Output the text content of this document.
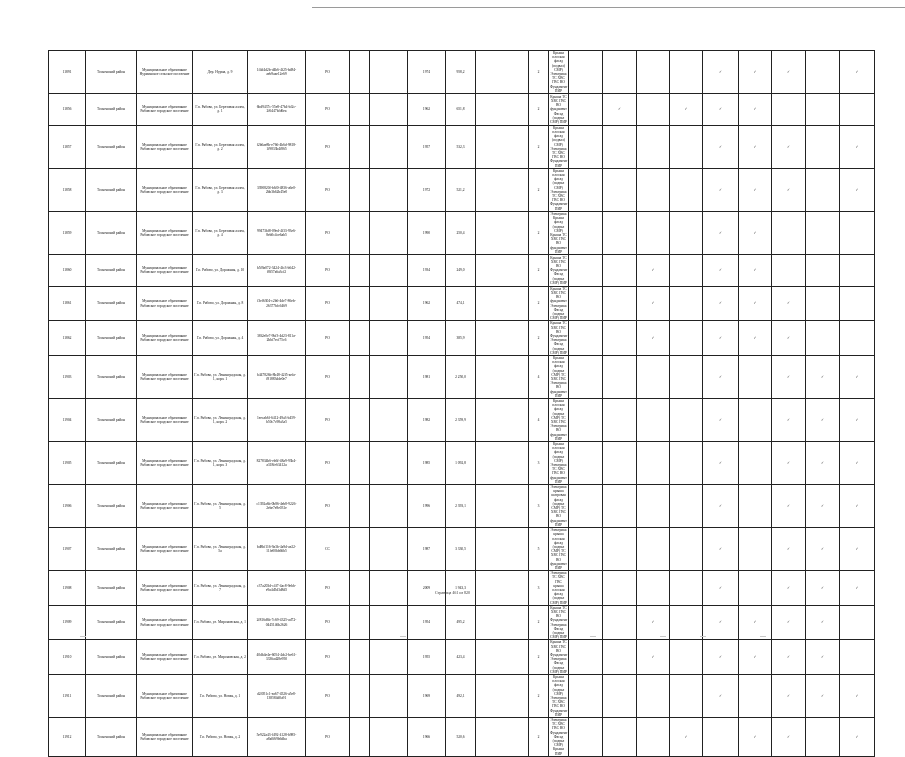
11891	Тосненский район	Муниципальное образование Нурминское сельское поселение	Дер. Нурма, д. 9	1f4d4d2b-d4b6-4f25-bd84-aeb9aae12e69	РО			1974	958,2		2	Крыша плоская фасад (подвал) СМР) Электрика ТС ХВС ГВС ВО Фундамент ПИР					✓	✓	✓		✓
11856	Тосненский район	Муниципальное образование Рябовское городское поселение	Г.п. Рябово, ул. Березовая аллея, д. 1	6bd9437c-55e8-47b4-bf2c-2f6447bfd6ea	РО			1962	651,8		2	Крыша ТС ХВС ГВС ВО фундамент Фасад (подвал СМР) ПИР		✓		✓	✓	✓			
11857	Тосненский район	Муниципальное образование Рябовское городское поселение	Г.п. Рябово, ул. Березовая аллея, д. 2	f2b6ae8b-e766-4b6d-9818-1f9833b4f865	РО			1957	532,3		2	Крыша плоская фасад (подвал) СМР) Электрика ТС ХВС ГВС ВО Фундамент ПИР					✓	✓	✓		✓
11858	Тосненский район	Муниципальное образование Рябовское городское поселение	Г.п. Рябово, ул. Березовая аллея, д. 3	3390820f-b6f0-4836-a6e0-2bb3b62b45e0	РО			1972	521,2		2	Крыша плоская фасад (подвал СМР) Электрика ТС ХВС ГВС ВО Фундамент ПИР					✓	✓	✓		✓
11859	Тосненский район	Муниципальное образование Рябовское городское поселение	Г.п. Рябово, ул. Березовая аллея, д. 4	99473bf8-09ed-4f33-93e6-8eb0c4ce6ab5	РО			1990	250,4		2	Электрика Крыша фасад (подвал СМР) Крыша ТС ХВС ГВС ВО фундамент ПИР					✓	✓			
11860	Тосненский район	Муниципальное образование Рябовское городское поселение	Г.п. Рябово, ул. Дорожная, д. 10	b5f9a072-3424-4fc3-b642-f8f57a6a3cf2	РО			1934	249,0		2	Крыша ТС ХВС ГВС ВО Фундамент Фасад (подвал СМР) ПИР			✓		✓	✓			
11861	Тосненский район	Муниципальное образование Рябовское городское поселение	Г.п. Рябово, ул. Дорожная, д. 8	f3ef6304-c2b6-4de7-86eb-26377bfc6469	РО			1962	474,1		2	Крыша ТС ХВС ГВС ВО фундамент Электрика Фасад (подвал СМР) ПИР			✓		✓	✓	✓		
11862	Тосненский район	Муниципальное образование Рябовское городское поселение	Г.п. Рябово, ул. Дорожная, д. 4	38f2e0e7-9bf3-4d23-811a-2bbf7ecf75c6	РО			1954	385,9		2	Крыша ТС ХВС ГВС ВО Фундамент Электрика Фасад (подвал СМР) ПИР			✓		✓	✓	✓		
11903	Тосненский район	Муниципальное образование Рябовское городское поселение	Г.п. Рябово, ул. Ленинградская, д. 1, корп. 1	b447826b-8b48-42f5-aefa-f81883dde0e7	РО			1981	2 250,0		4	Крыша плоская фасад (подвал СМР) ТС ХВС ГВС Электрика ВО фундамент ПИР					✓		✓	✓	✓
11904	Тосненский район	Муниципальное образование Рябовское городское поселение	Г.п. Рябово, ул. Ленинградская, д. 1, корп. 2	1eecab6f-6412-49a3-b459-b50c7c98a3a5	РО			1982	2 359,9		4	Крыша плоская фасад (подвал СМР) ТС ХВС ГВС Электрика ВО фундамент ПИР					✓		✓	✓	✓
11905	Тосненский район	Муниципальное образование Рябовское городское поселение	Г.п. Рябово, ул. Ленинградская, д. 1, корп. 3	827834b6-eb6f-48a9-93b4-a318fe63412a	РО			1985	1 092,8		3	Крыша плоская фасад (подвал СМР) Электрика ТС ХВС ГВС ВО фундамент ПИР					✓		✓	✓	✓
11906	Тосненский район	Муниципальное образование Рябовское городское поселение	Г.п. Рябово, ул. Ленинградская, д. 5	c1392a6b-0b86-4eb8-9226-2ebe7e8e031e	РО			1996	2 393,1		3	Электрика крыша шатровая фасад (подвал СМР) ТС ХВС ГВС ВО фундамент ПИР					✓		✓	✓	✓
11907	Тосненский район	Муниципальное образование Рябовское городское поселение	Г.п. Рябово, ул. Ленинградская, д. 5а	bd8bf116-9a3b-4a9d-ae22-11fe00bb66b5	СС			1987	3 330,5		5	Электрика крыша плоская фасад (подвал СМР) ТС ХВС ГВС ВО фундамент ПИР					✓		✓	✓	✓
11908	Тосненский район	Муниципальное образование Рябовское городское поселение	Г.п. Рябово, ул. Ленинградская, д. 7	c37a203d-c4f7-4ac8-9ebb-e9a4d5d3d8d5	РО			2009	1 943,3		3	Электрика ТС ХВС ГВС крыша плоская фасад (подвал СМР) ПИР					✓		✓	✓	✓
11909	Тосненский район	Муниципальное образование Рябовское городское поселение	Г.п. Рябово, ул. Мироновская, д. 1	2f816d6b-7c69-4325-ad72-0445146b2626	РО			1954	495,2		2	Крыша ТС ХВС ГВС ВО Фундамент Электрика Фасад (подвал СМР) ПИР			✓		✓	✓	✓	✓	
11910	Тосненский район	Муниципальное образование Рябовское городское поселение	Г.п. Рябово, ул. Мироновская, д. 2	40db4e4e-6054-4dc2-be61-3336ad28e950	РО			1955	423,4		2	Крыша ТС ХВС ГВС ВО Фундамент Электрика Фасад (подвал СМР) ПИР			✓		✓	✓	✓	✓	
11911	Тосненский район	Муниципальное образование Рябовское городское поселение	Г.п. Рябово, ул. Новая, д. 1	d2f051c1-ea67-4526-a5e8-138584d0a91	РО			1969	492,1		2	Крыша плоская фасад (подвал СМР) Электрика ТС ХВС ГВС ВО Фундамент ПИР					✓		✓	✓	✓
11912	Тосненский район	Муниципальное образование Рябовское городское поселение	Г.п. Рябово, ул. Новая, д. 2	5e922a43-f492-4128-b985-a8a0f69b6dba	РО			1966	520,6		2	Электрика ТС ХВС ГВС ВО Фундамент Фасад (подвал СМР) Крыша ПИР				✓		✓	✓		✓
Страница 461 из 820
